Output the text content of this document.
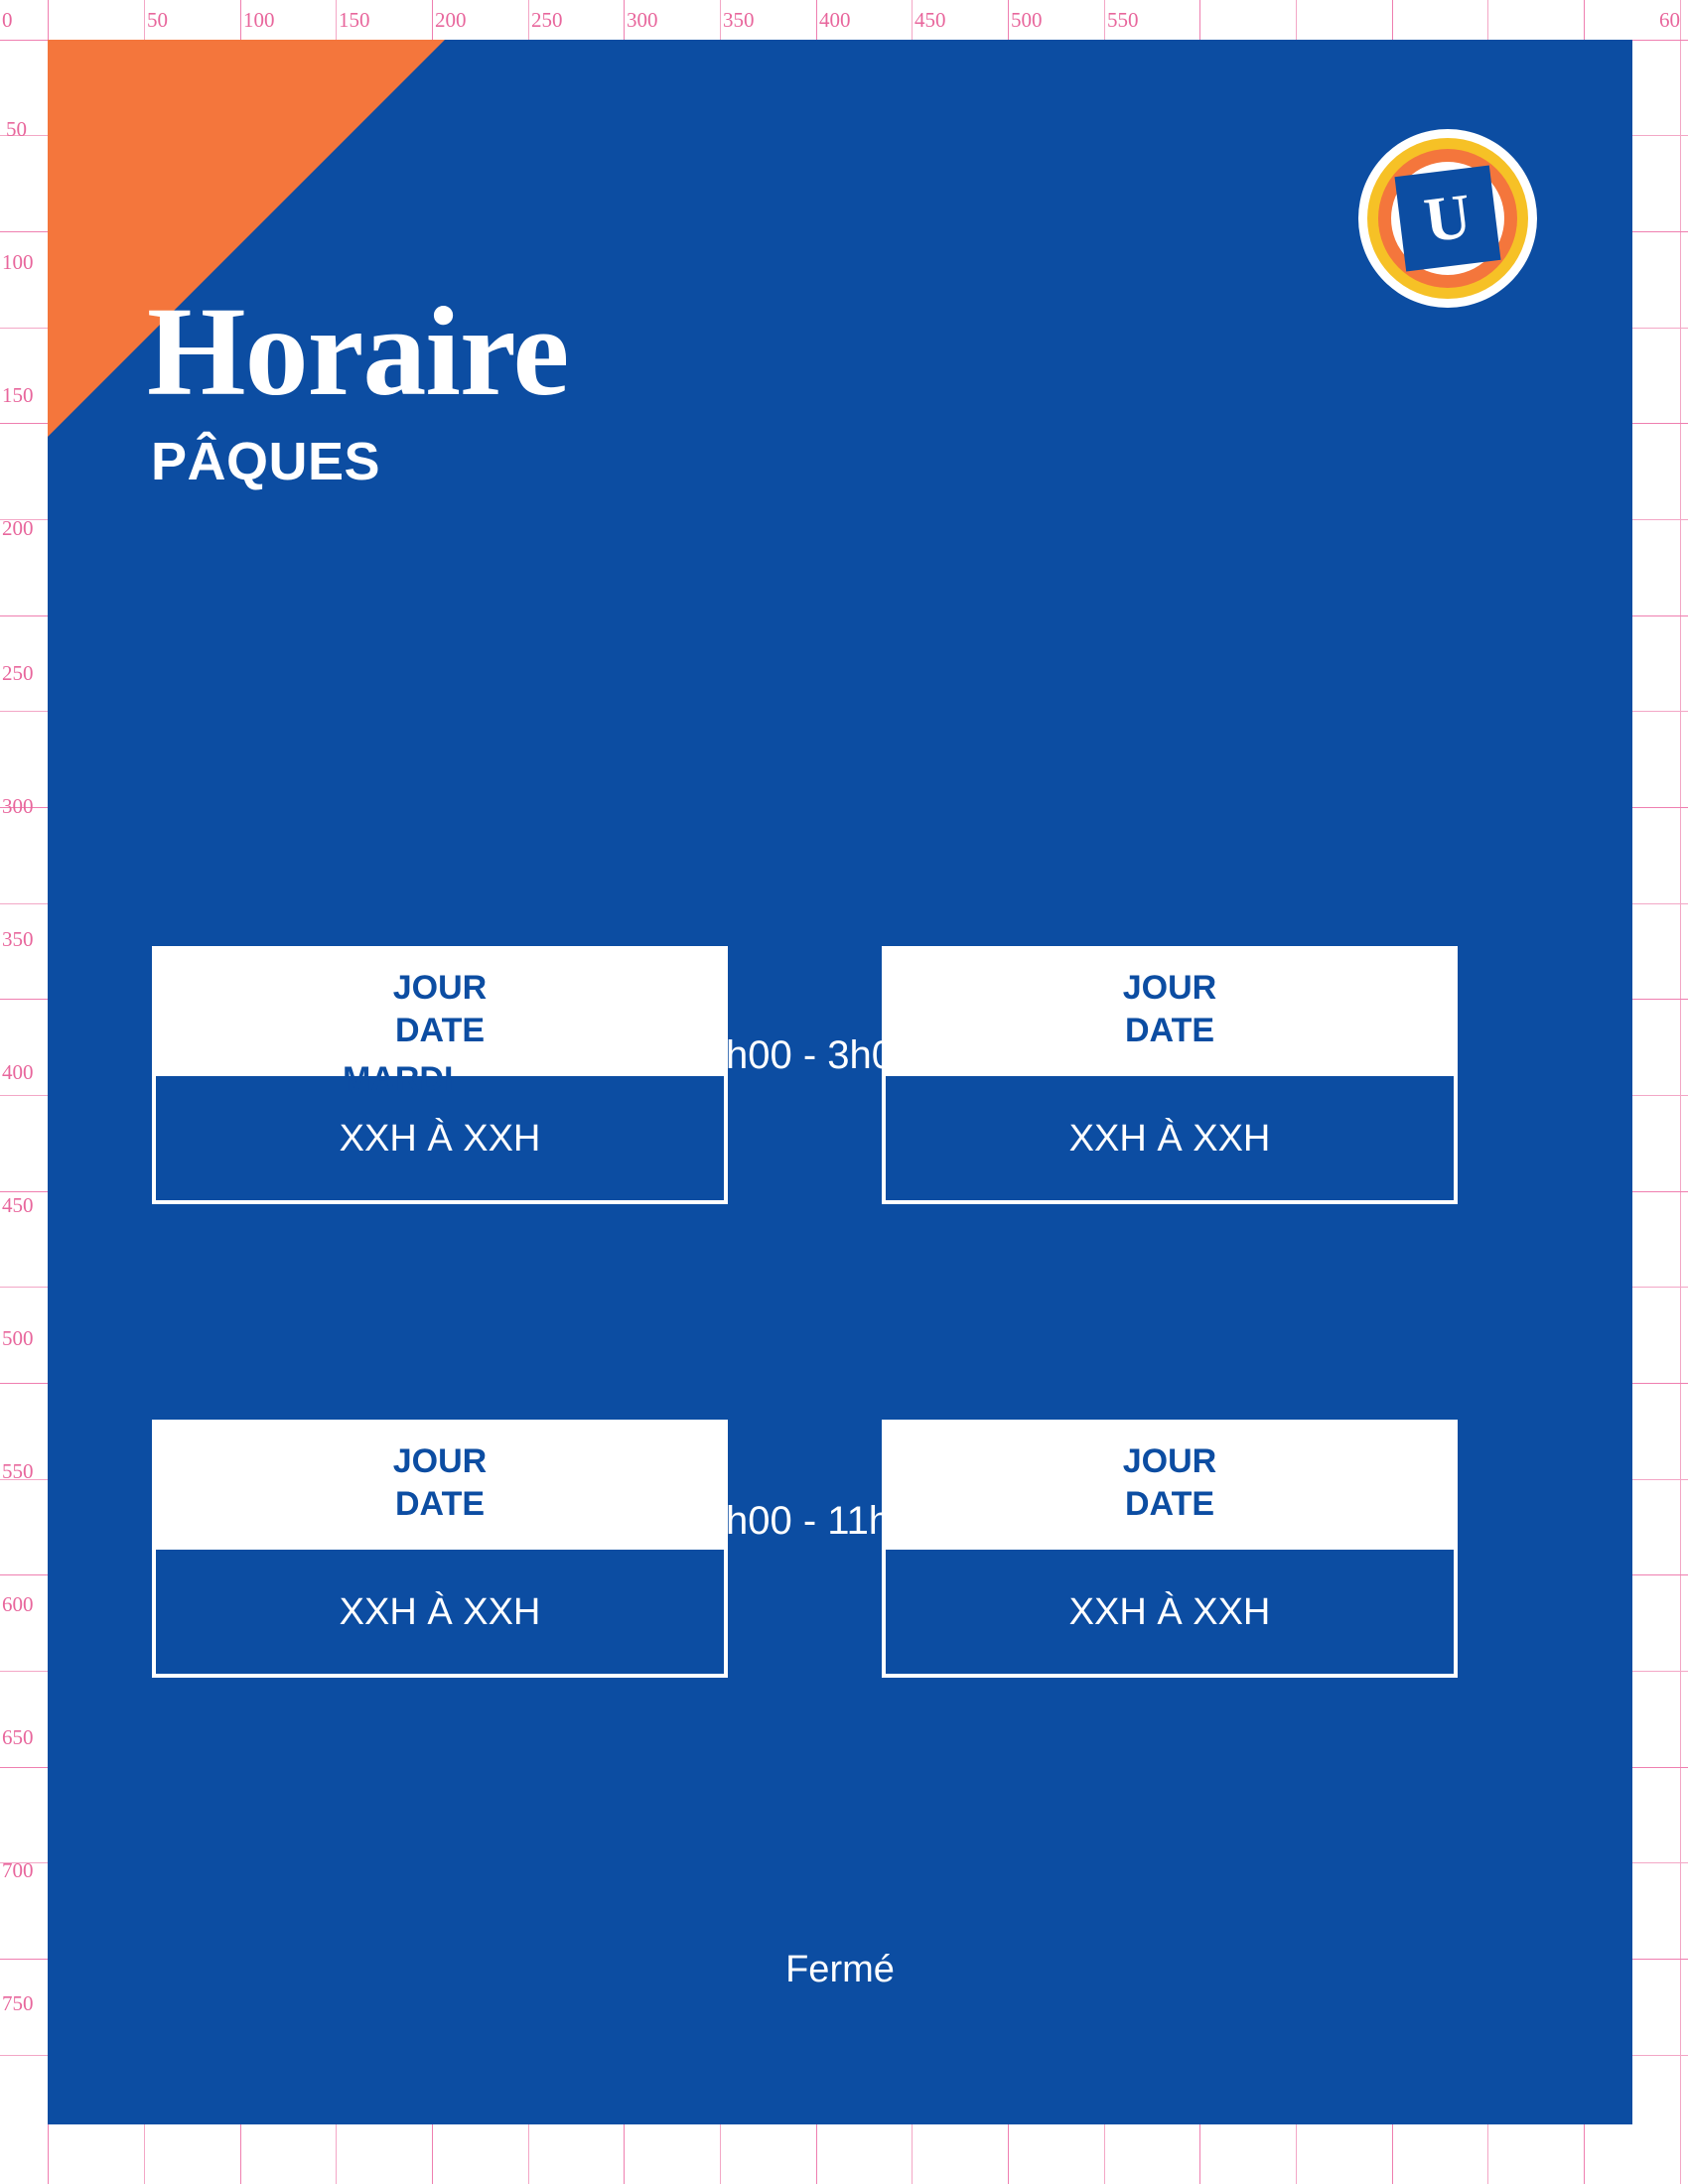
0	50	100	150	200	250	300	350	400	450	500	550	60
50
100
150
200
250
300
350
400
450
500
550
600
650
700
750
U
Horaire
PÂQUES
JOUR
DATE
XXH À XXH
JOUR
DATE
XXH À XXH
JOUR
DATE
XXH À XXH
JOUR
DATE
XXH À XXH
MARDI
h00 - 3h0
h00 - 11h
Fermé
